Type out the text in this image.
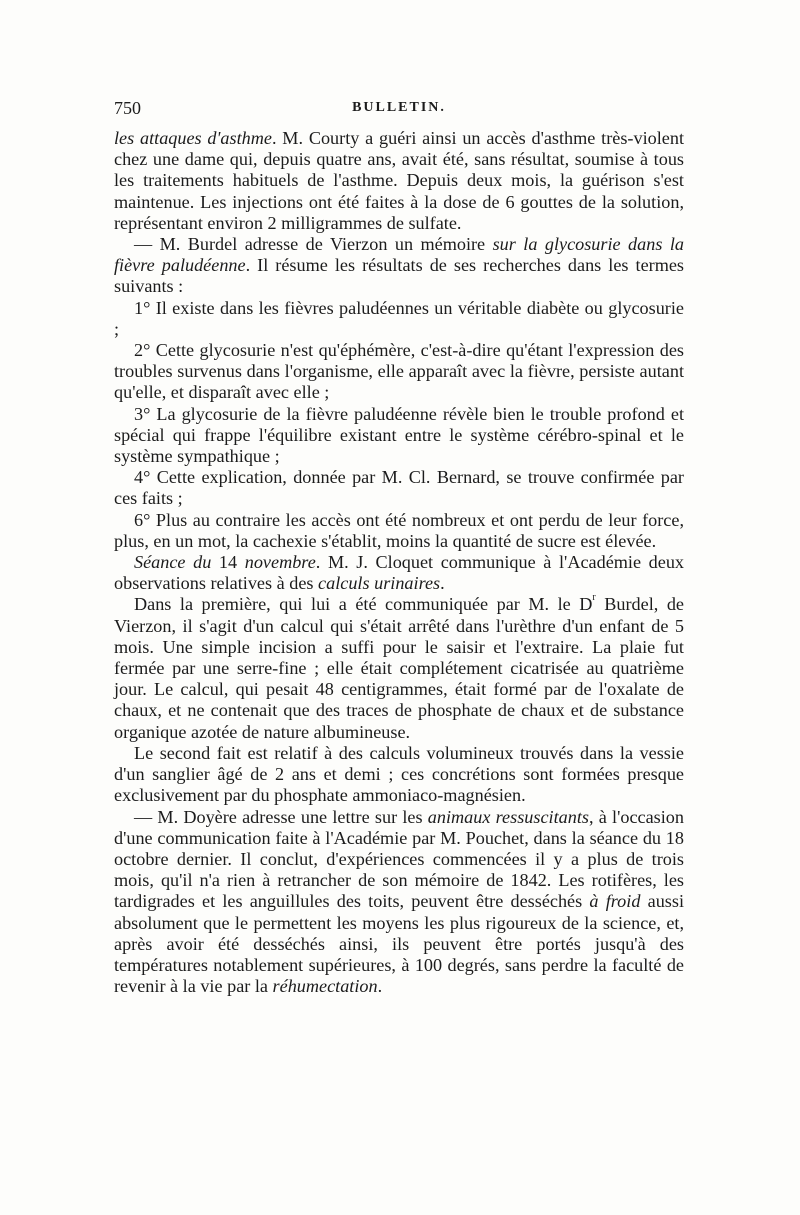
750	BULLETIN.

les attaques d'asthme. M. Courty a guéri ainsi un accès d'asthme très-violent chez une dame qui, depuis quatre ans, avait été, sans résultat, soumise à tous les traitements habituels de l'asthme. Depuis deux mois, la guérison s'est maintenue. Les injections ont été faites à la dose de 6 gouttes de la solution, représentant environ 2 milligrammes de sulfate.

— M. Burdel adresse de Vierzon un mémoire sur la glycosurie dans la fièvre paludéenne. Il résume les résultats de ses recherches dans les termes suivants :

1° Il existe dans les fièvres paludéennes un véritable diabète ou glycosurie ;

2° Cette glycosurie n'est qu'éphémère, c'est-à-dire qu'étant l'expression des troubles survenus dans l'organisme, elle apparaît avec la fièvre, persiste autant qu'elle, et disparaît avec elle ;

3° La glycosurie de la fièvre paludéenne révèle bien le trouble profond et spécial qui frappe l'équilibre existant entre le système cérébro-spinal et le système sympathique ;

4° Cette explication, donnée par M. Cl. Bernard, se trouve confirmée par ces faits ;

6° Plus au contraire les accès ont été nombreux et ont perdu de leur force, plus, en un mot, la cachexie s'établit, moins la quantité de sucre est élevée.

Séance du 14 novembre. M. J. Cloquet communique à l'Académie deux observations relatives à des calculs urinaires.

Dans la première, qui lui a été communiquée par M. le $D^r$ Burdel, de Vierzon, il s'agit d'un calcul qui s'était arrêté dans l'urèthre d'un enfant de 5 mois. Une simple incision a suffi pour le saisir et l'extraire. La plaie fut fermée par une serre-fine ; elle était complétement cicatrisée au quatrième jour. Le calcul, qui pesait 48 centigrammes, était formé par de l'oxalate de chaux, et ne contenait que des traces de phosphate de chaux et de substance organique azotée de nature albumineuse.

Le second fait est relatif à des calculs volumineux trouvés dans la vessie d'un sanglier âgé de 2 ans et demi ; ces concrétions sont formées presque exclusivement par du phosphate ammoniaco-magnésien.

— M. Doyère adresse une lettre sur les animaux ressuscitants, à l'occasion d'une communication faite à l'Académie par M. Pouchet, dans la séance du 18 octobre dernier. Il conclut, d'expériences commencées il y a plus de trois mois, qu'il n'a rien à retrancher de son mémoire de 1842. Les rotifères, les tardigrades et les anguillules des toits, peuvent être desséchés à froid aussi absolument que le permettent les moyens les plus rigoureux de la science, et, après avoir été desséchés ainsi, ils peuvent être portés jusqu'à des températures notablement supérieures, à 100 degrés, sans perdre la faculté de revenir à la vie par la réhumectation.
